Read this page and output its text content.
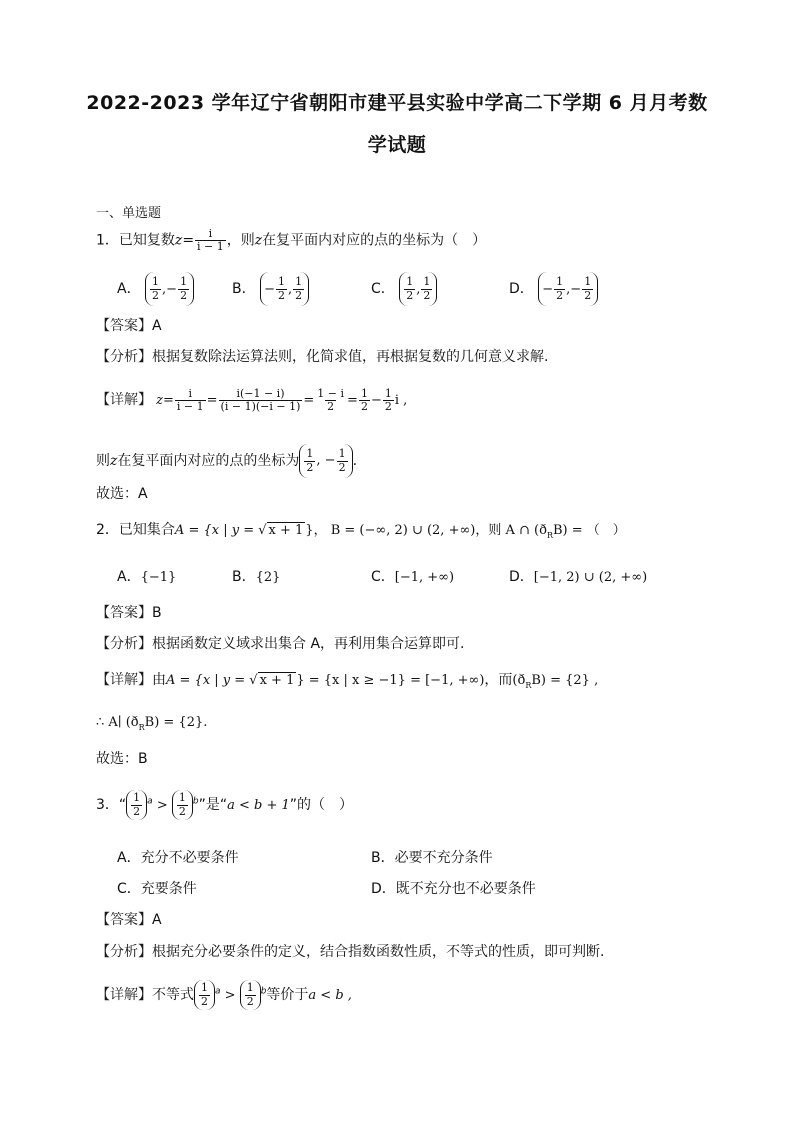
2022-2023 学年辽宁省朝阳市建平县实验中学高二下学期 6 月月考数
学试题
一、单选题
1．已知复数$z= \frac{i}{i - 1}$ ，则z在复平面内对应的点的坐标为（　）
A． $\frac{1}{2}$ , − $\frac{1}{2}$	B． − $\frac{1}{2}$ , $\frac{1}{2}$	C． $\frac{1}{2}$ , $\frac{1}{2}$	D． − $\frac{1}{2}$ , − $\frac{1}{2}$
【答案】A
【分析】根据复数除法运算法则，化简求值，再根据复数的几何意义求解.
【详解】 $z= \frac{i}{i - 1} = \frac{i(-1 - i)}{(i - 1)(-i - 1)} = \frac{1 - i}{2} = \frac{1}{2} - \frac{1}{2}$ i ,
则z在复平面内对应的点的坐标为 $\frac{1}{2}$ , − $\frac{1}{2}$ .
故选：A
2．已知集合A = {x | y = √ x + 1 }， B = (−∞, 2) ∪ (2, +∞)，则 A ∩ $(ð_RB)$ = （　）
A．{−1}	B．{2}	C．[−1, +∞)	D．[−1, 2) ∪ (2, +∞)
【答案】B
【分析】根据函数定义域求出集合 A，再利用集合运算即可.
【详解】由A = {x | y = √ x + 1 } = {x | x ≥ −1} = [−1, +∞)，而$(ð_RB) = \{2\}$ ,
∴ A∣ $(ð_RB) = \{2\}$.
故选：B
3．“ $\frac{1}{2} ^a > \frac{1}{2} ^b$”是“a < b + 1”的（　）
A．充分不必要条件	B．必要不充分条件
C．充要条件	D．既不充分也不必要条件
【答案】A
【分析】根据充分必要条件的定义，结合指数函数性质，不等式的性质，即可判断.
【详解】不等式 $\frac{1}{2} ^a > \frac{1}{2} ^b$等价于a < b ,
